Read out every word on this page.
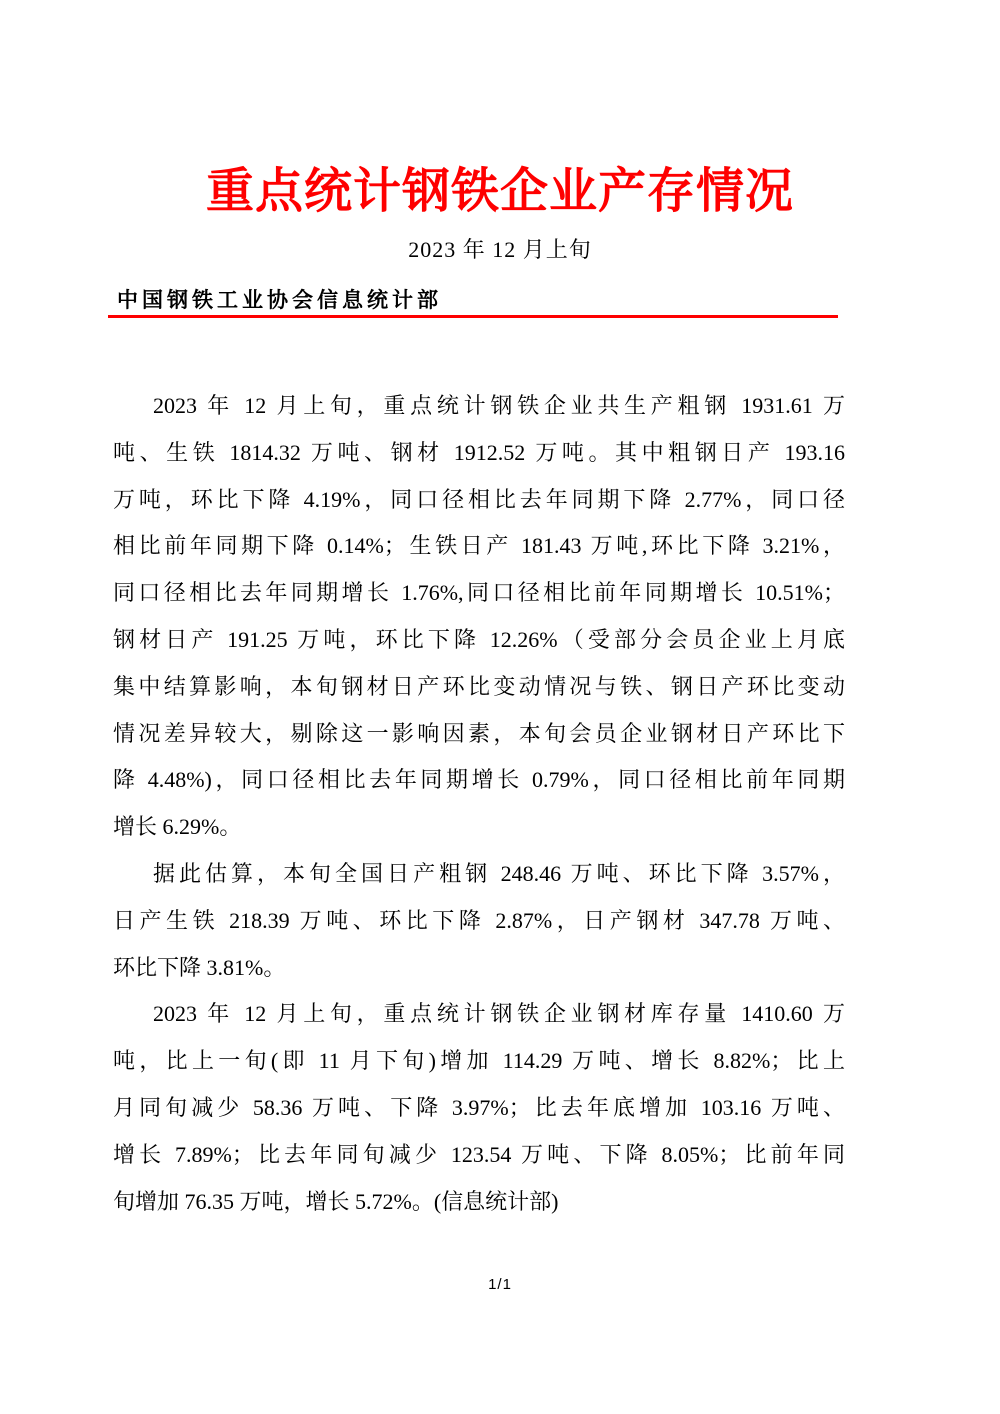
重点统计钢铁企业产存情况
2023 年 12 月上旬
中国钢铁工业协会信息统计部
2023 年 12 月上旬，重点统计钢铁企业共生产粗钢 1931.61 万
吨、生铁 1814.32 万吨、钢材 1912.52 万吨。其中粗钢日产 193.16
万吨，环比下降 4.19%，同口径相比去年同期下降 2.77%，同口径
相比前年同期下降 0.14%；生铁日产 181.43 万吨,环比下降 3.21%，
同口径相比去年同期增长 1.76%,同口径相比前年同期增长 10.51%；
钢材日产 191.25 万吨，环比下降 12.26%（受部分会员企业上月底
集中结算影响，本旬钢材日产环比变动情况与铁、钢日产环比变动
情况差异较大，剔除这一影响因素，本旬会员企业钢材日产环比下
降 4.48%)，同口径相比去年同期增长 0.79%，同口径相比前年同期
增长 6.29%。
据此估算，本旬全国日产粗钢 248.46 万吨、环比下降 3.57%，
日产生铁 218.39 万吨、环比下降 2.87%，日产钢材 347.78 万吨、
环比下降 3.81%。
2023 年 12 月上旬，重点统计钢铁企业钢材库存量 1410.60 万
吨，比上一旬(即 11 月下旬)增加 114.29 万吨、增长 8.82%；比上
月同旬减少 58.36 万吨、下降 3.97%；比去年底增加 103.16 万吨、
增长 7.89%；比去年同旬减少 123.54 万吨、下降 8.05%；比前年同
旬增加 76.35 万吨，增长 5.72%。(信息统计部)
1/1
